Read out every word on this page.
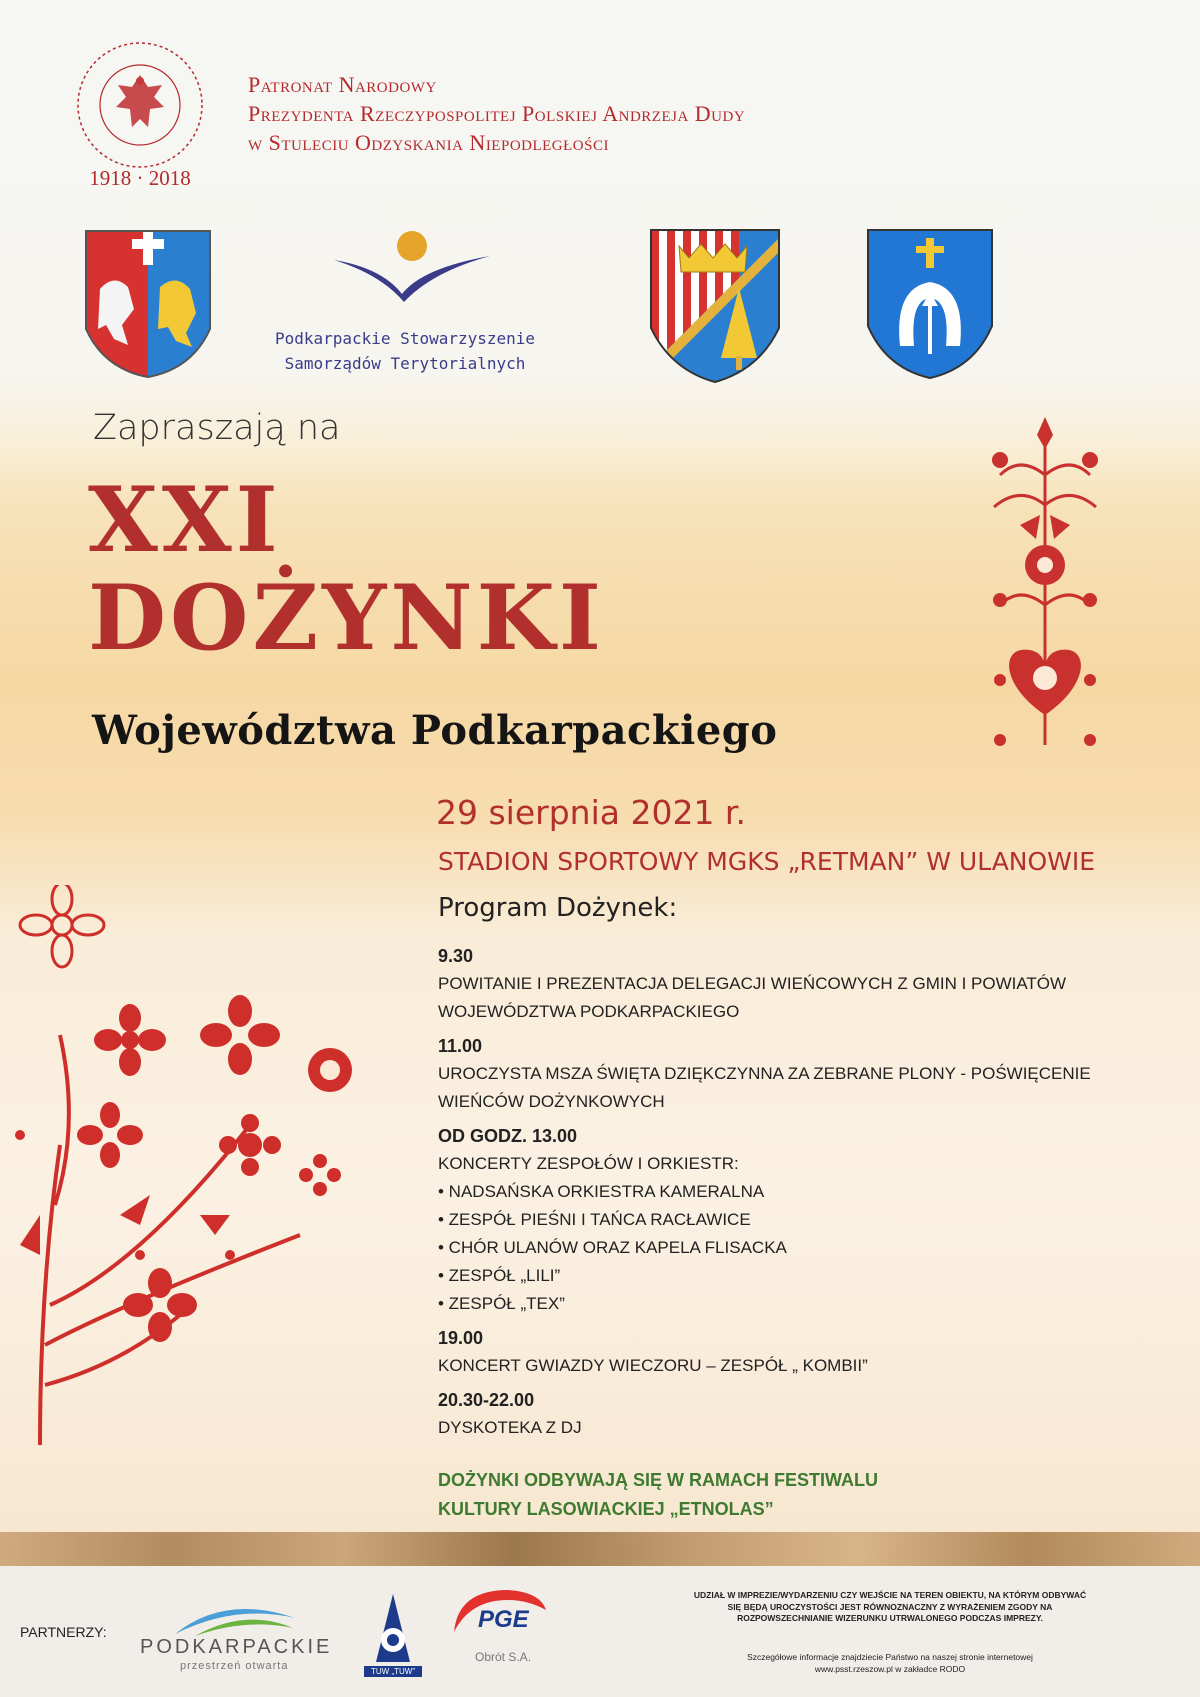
1918 · 2018
Patronat Narodowy
Prezydenta Rzeczypospolitej Polskiej Andrzeja Dudy
w Stuleciu Odzyskania Niepodległości
Podkarpackie Stowarzyszenie
Samorządów Terytorialnych
Zapraszają na
XXI
DOŻYNKI
Województwa Podkarpackiego
29 sierpnia 2021 r.
STADION SPORTOWY MGKS „RETMAN” W ULANOWIE
Program Dożynek:
9.30
POWITANIE I PREZENTACJA DELEGACJI WIEŃCOWYCH Z GMIN I POWIATÓW
WOJEWÓDZTWA PODKARPACKIEGO
11.00
UROCZYSTA MSZA ŚWIĘTA DZIĘKCZYNNA ZA ZEBRANE PLONY - POŚWIĘCENIE
WIEŃCÓW DOŻYNKOWYCH
OD GODZ. 13.00
KONCERTY ZESPOŁÓW I ORKIESTR:
• NADSAŃSKA ORKIESTRA KAMERALNA
• ZESPÓŁ PIEŚNI I TAŃCA RACŁAWICE
• CHÓR ULANÓW ORAZ KAPELA FLISACKA
• ZESPÓŁ „LILI”
• ZESPÓŁ „TEX”
19.00
KONCERT GWIAZDY WIECZORU – ZESPÓŁ „ KOMBII”
20.30-22.00
DYSKOTEKA Z DJ
DOŻYNKI ODBYWAJĄ SIĘ W RAMACH FESTIWALU
KULTURY LASOWIACKIEJ „ETNOLAS”
PARTNERZY:
PODKARPACKIE
przestrzeń otwarta	TUW „TUW”
PGE
Obrót S.A.
UDZIAŁ W IMPREZIE/WYDARZENIU CZY WEJŚCIE NA TEREN OBIEKTU, NA KTÓRYM ODBYWAĆ SIĘ BĘDĄ UROCZYSTOŚCI JEST RÓWNOZNACZNY Z WYRAŻENIEM ZGODY NA ROZPOWSZECHNIANIE WIZERUNKU UTRWALONEGO PODCZAS IMPREZY.
Szczegółowe informacje znajdziecie Państwo na naszej stronie internetowej
www.psst.rzeszow.pl w zakładce RODO
